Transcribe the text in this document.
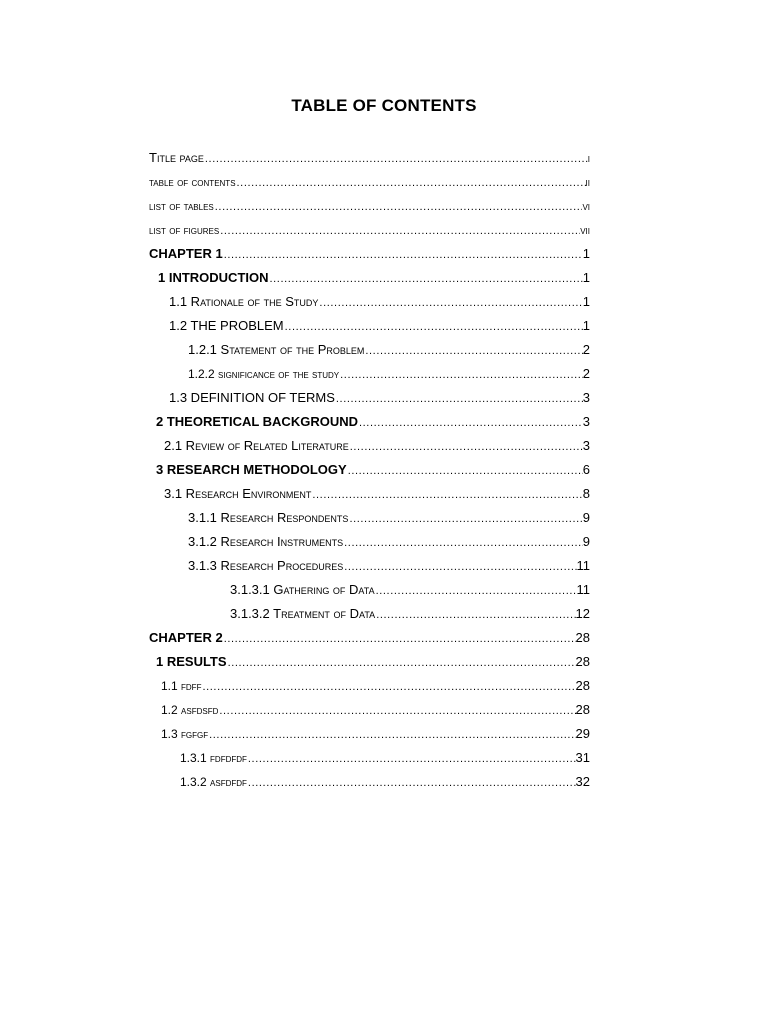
TABLE OF CONTENTS
Title page .....	i
table of contents .....	ii
list of tables .....	vi
list of figures .....	vii
CHAPTER 1 .....	1
1 INTRODUCTION .....	1
1.1 Rationale of the Study .....	1
1.2 THE PROBLEM .....	1
1.2.1 Statement of the Problem .....	2
1.2.2 significance of the study .....	2
1.3 DEFINITION OF TERMS .....	3
2 THEORETICAL BACKGROUND .....	3
2.1 Review of Related Literature .....	3
3 RESEARCH METHODOLOGY .....	6
3.1 Research Environment .....	8
3.1.1 Research Respondents .....	9
3.1.2 Research Instruments .....	9
3.1.3 Research Procedures .....	11
3.1.3.1 Gathering of Data .....	11
3.1.3.2 Treatment of Data .....	12
CHAPTER 2 .....	28
1 RESULTS .....	28
1.1 fdff .....	28
1.2 asfdsfd .....	28
1.3 fgfgf .....	29
1.3.1 fdfdfdf .....	31
1.3.2 asfdfdf .....	32
